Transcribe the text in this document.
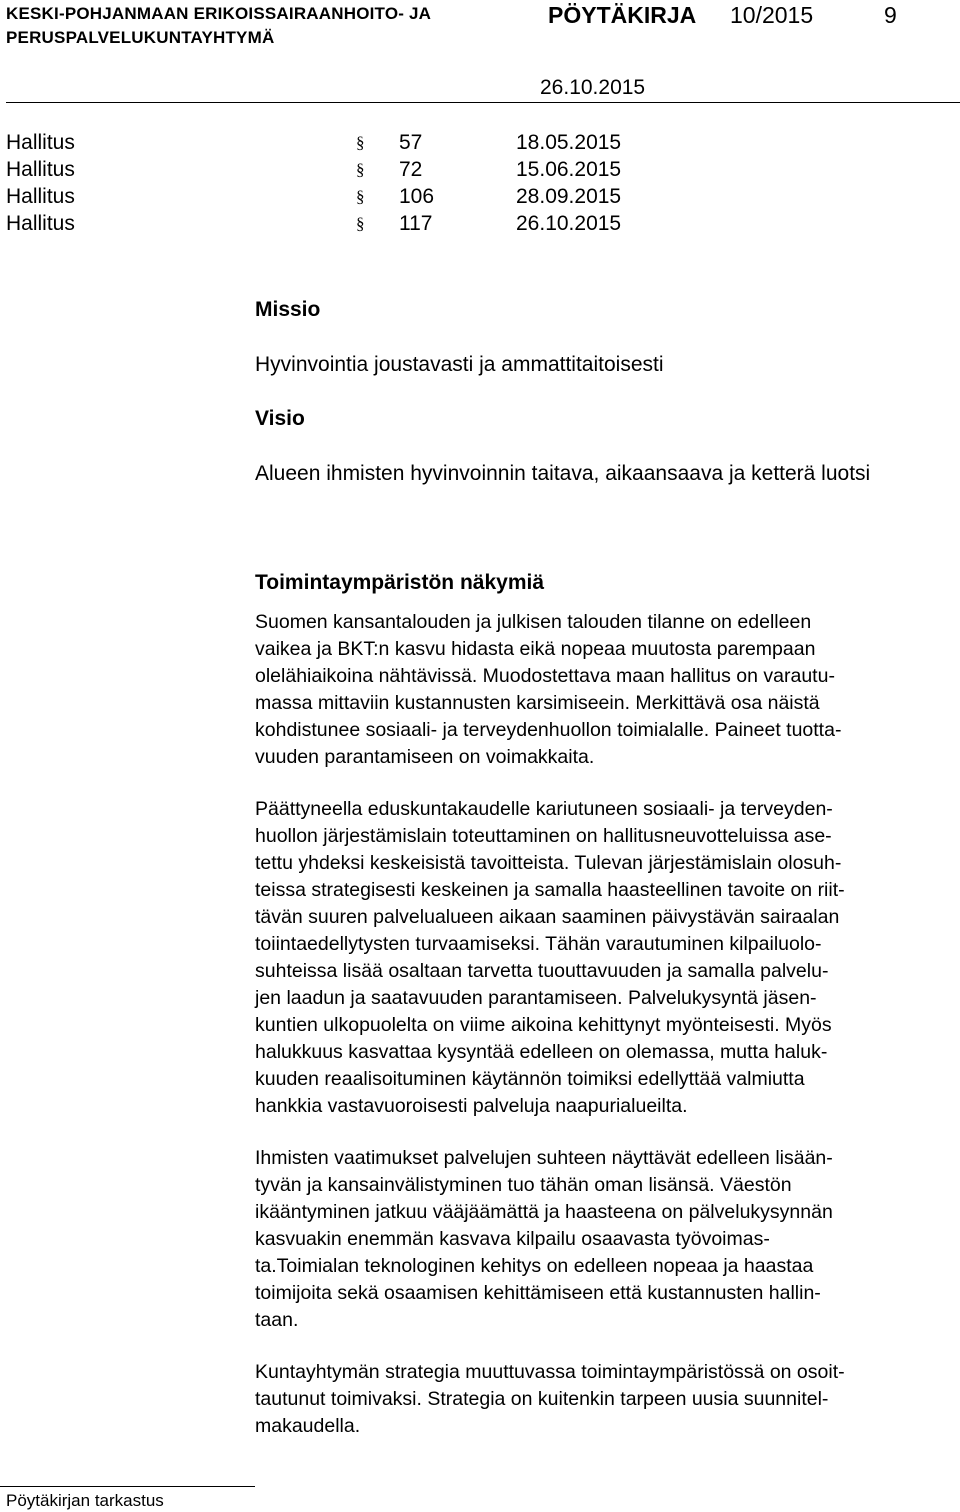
KESKI-POHJANMAAN ERIKOISSAIRAANHOITO- JA
PERUSPALVELUKUNTAYHTYMÄ
PÖYTÄKIRJA 10/2015	9
26.10.2015
Hallitus	§ 57	18.05.2015
Hallitus	§ 72	15.06.2015
Hallitus	§ 106	28.09.2015
Hallitus	§ 117	26.10.2015

Missio

Hyvinvointia joustavasti ja ammattitaitoisesti

Visio

Alueen ihmisten hyvinvoinnin taitava, aikaansaava ja ketterä luotsi

Toimintaympäristön näkymiä

Suomen kansantalouden ja julkisen talouden tilanne on edelleen
vaikea ja BKT:n kasvu hidasta eikä nopeaa muutosta parempaan
olelähiaikoina nähtävissä. Muodostettava maan hallitus on varautu-
massa mittaviin kustannusten karsimiseein. Merkittävä osa näistä
kohdistunee sosiaali- ja terveydenhuollon toimialalle. Paineet tuotta-
vuuden parantamiseen on voimakkaita.

Päättyneella eduskuntakaudelle kariutuneen sosiaali- ja terveyden-
huollon järjestämislain toteuttaminen on hallitusneuvotteluissa ase-
tettu yhdeksi keskeisistä tavoitteista. Tulevan järjestämislain olosuh-
teissa strategisesti keskeinen ja samalla haasteellinen tavoite on riit-
tävän suuren palvelualueen aikaan saaminen päivystävän sairaalan
toiintaedellytysten turvaamiseksi. Tähän varautuminen kilpailuolo-
suhteissa lisää osaltaan tarvetta tuouttavuuden ja samalla palvelu-
jen laadun ja saatavuuden parantamiseen. Palvelukysyntä jäsen-
kuntien ulkopuolelta on viime aikoina kehittynyt myönteisesti. Myös
halukkuus kasvattaa kysyntää edelleen on olemassa, mutta haluk-
kuuden reaalisoituminen käytännön toimiksi edellyttää valmiutta
hankkia vastavuoroisesti palveluja naapurialueilta.

Ihmisten vaatimukset palvelujen suhteen näyttävät edelleen lisään-
tyvän ja kansainvälistyminen tuo tähän oman lisänsä. Väestön
ikääntyminen jatkuu vääjäämättä ja haasteena on pälvelukysynnän
kasvuakin enemmän kasvava kilpailu osaavasta työvoimas-
ta.Toimialan teknologinen kehitys on edelleen nopeaa ja haastaa
toimijoita sekä osaamisen kehittämiseen että kustannusten hallin-
taan.

Kuntayhtymän strategia muuttuvassa toimintaympäristössä on osoit-
tautunut toimivaksi. Strategia on kuitenkin tarpeen uusia suunnitel-
makaudella.

Pöytäkirjan tarkastus
